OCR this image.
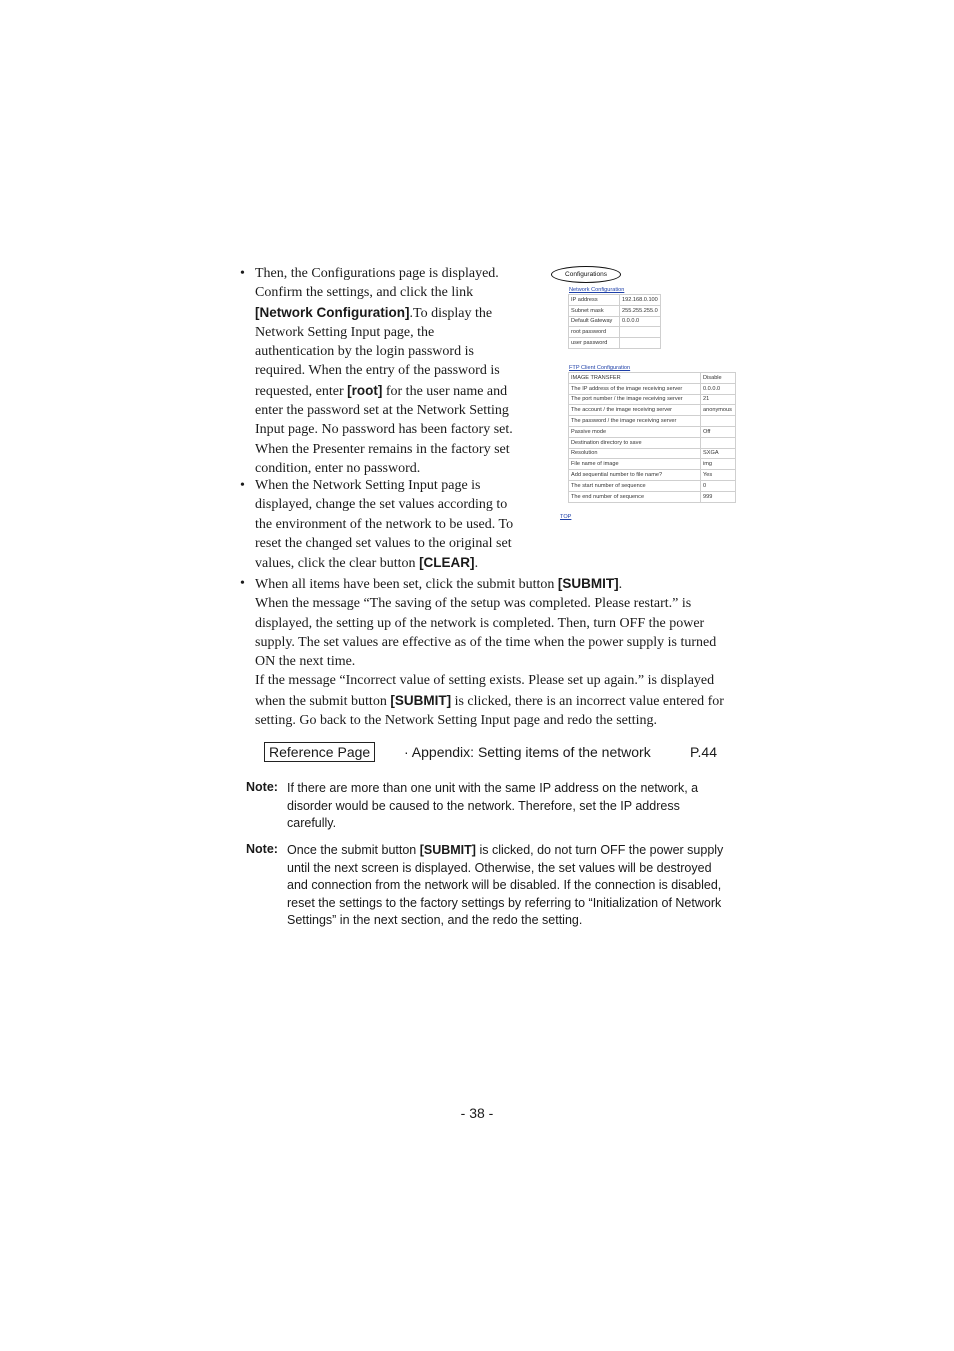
• Then, the Configurations page is displayed.

Confirm the settings, and click the link

[Network Configuration].To display the

Network Setting Input page, the

authentication by the login password is

required. When the entry of the password is

requested, enter [root] for the user name and

enter the password set at the Network Setting

Input page. No password has been factory set.

When the Presenter remains in the factory set

condition, enter no password.

• When the Network Setting Input page is

displayed, change the set values according to

the environment of the network to be used. To

reset the changed set values to the original set

values, click the clear button [CLEAR].

• When all items have been set, click the submit button [SUBMIT].

When the message “The saving of the setup was completed. Please restart.” is

displayed, the setting up of the network is completed. Then, turn OFF the power

supply. The set values are effective as of the time when the power supply is turned

ON the next time.

If the message “Incorrect value of setting exists. Please set up again.” is displayed

when the submit button [SUBMIT] is clicked, there is an incorrect value entered for

setting. Go back to the Network Setting Input page and redo the setting.

Configurations
Network Configuration
IP address	192.168.0.100
Subnet mask	255.255.255.0
Default Gateway	0.0.0.0
root password	
user password	
FTP Client Configuration
IMAGE TRANSFER	Disable
The IP address of the image receiving server	0.0.0.0
The port number / the image receiving server	21
The account / the image receiving server	anonymous
The password / the image receiving server	
Passive mode	Off
Destination directory to save	
Resolution	SXGA
File name of image	img
Add sequential number to file name?	Yes
The start number of sequence	0
The end number of sequence	999
TOP
Reference Page	· Appendix: Setting items of the network	P.44
Note: If there are more than one unit with the same IP address on the network, a
disorder would be caused to the network. Therefore, set the IP address
carefully.
Note: Once the submit button [SUBMIT] is clicked, do not turn OFF the power supply
until the next screen is displayed. Otherwise, the set values will be destroyed
and connection from the network will be disabled. If the connection is disabled,
reset the settings to the factory settings by referring to “Initialization of Network
Settings” in the next section, and the redo the setting.
- 38 -
